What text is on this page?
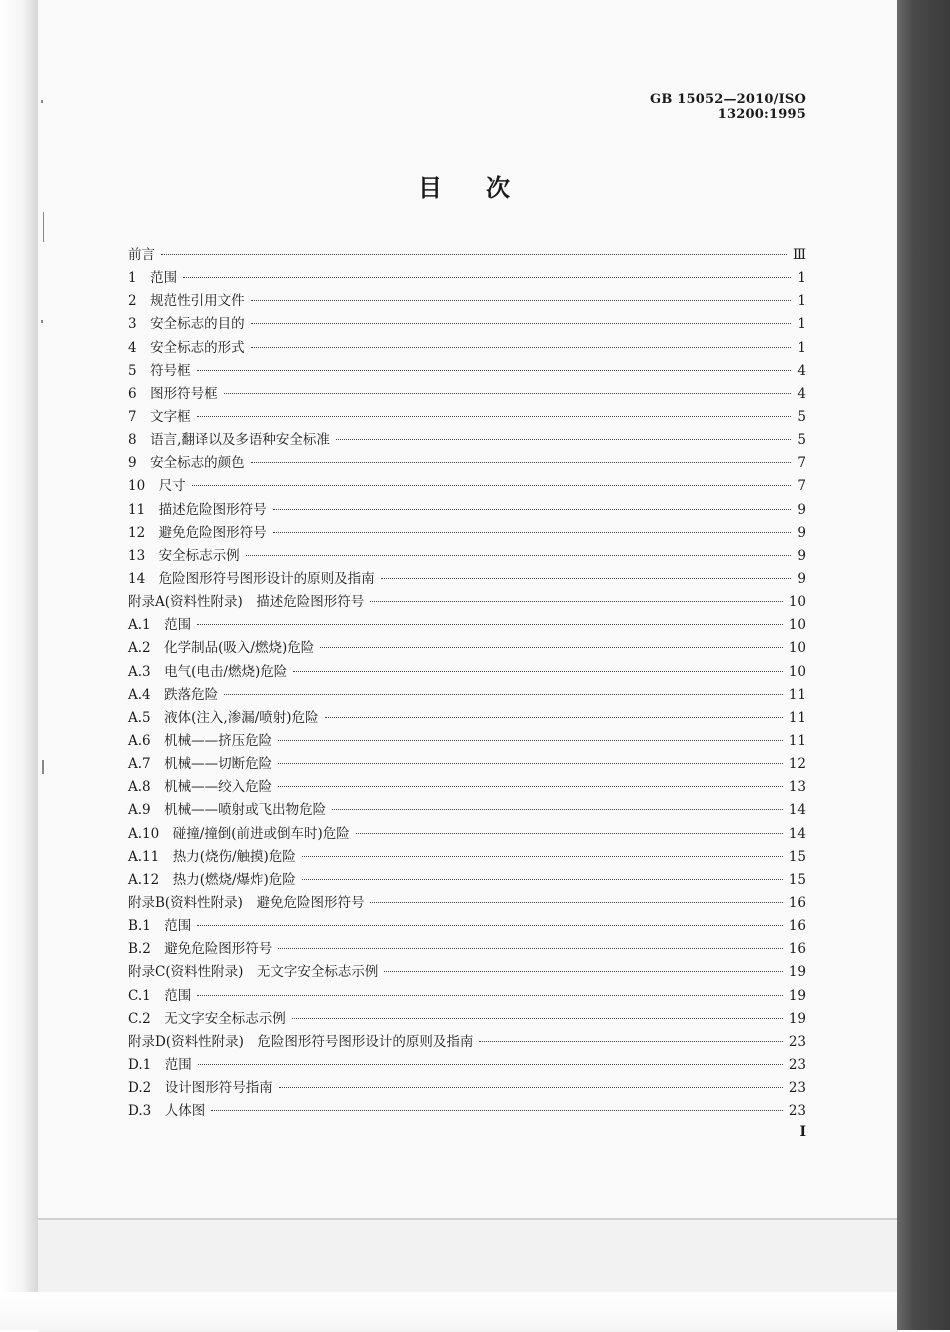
GB 15052—2010/ISO 13200:1995
目次
前言	Ⅲ
1　范围	1
2　规范性引用文件	1
3　安全标志的目的	1
4　安全标志的形式	1
5　符号框	4
6　图形符号框	4
7　文字框	5
8　语言,翻译以及多语种安全标准	5
9　安全标志的颜色	7
10　尺寸	7
11　描述危险图形符号	9
12　避免危险图形符号	9
13　安全标志示例	9
14　危险图形符号图形设计的原则及指南	9
附录A(资料性附录)　描述危险图形符号	10
A.1　范围	10
A.2　化学制品(吸入/燃烧)危险	10
A.3　电气(电击/燃烧)危险	10
A.4　跌落危险	11
A.5　液体(注入,渗漏/喷射)危险	11
A.6　机械——挤压危险	11
A.7　机械——切断危险	12
A.8　机械——绞入危险	13
A.9　机械——喷射或飞出物危险	14
A.10　碰撞/撞倒(前进或倒车时)危险	14
A.11　热力(烧伤/触摸)危险	15
A.12　热力(燃烧/爆炸)危险	15
附录B(资料性附录)　避免危险图形符号	16
B.1　范围	16
B.2　避免危险图形符号	16
附录C(资料性附录)　无文字安全标志示例	19
C.1　范围	19
C.2　无文字安全标志示例	19
附录D(资料性附录)　危险图形符号图形设计的原则及指南	23
D.1　范围	23
D.2　设计图形符号指南	23
D.3　人体图	23
I
